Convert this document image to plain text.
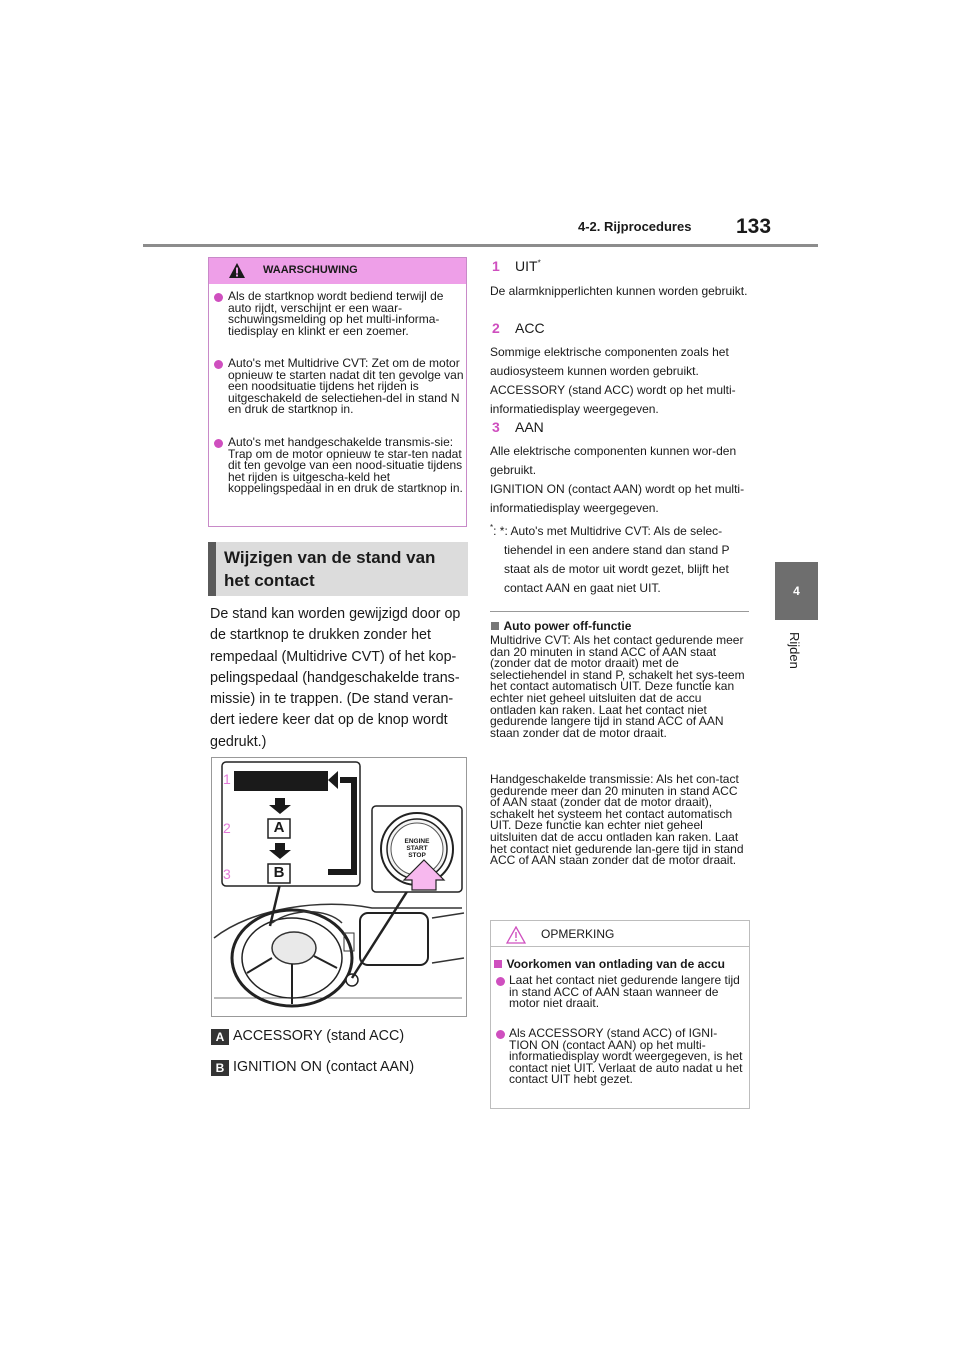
4-2. Rijprocedures 133
4
Rijden
WAARSCHUWING
Als de startknop wordt bediend terwijl de auto rijdt, verschijnt er een waar-schuwingsmelding op het multi-informa-tiedisplay en klinkt er een zoemer.
Auto's met Multidrive CVT: Zet om de motor opnieuw te starten nadat dit ten gevolge van een noodsituatie tijdens het rijden is uitgeschakeld de selectiehen-del in stand N en druk de startknop in.
Auto's met handgeschakelde transmis-sie: Trap om de motor opnieuw te star-ten nadat dit ten gevolge van een nood-situatie tijdens het rijden is uitgescha-keld het koppelingspedaal in en druk de startknop in.
Wijzigen van de stand van
het contact
De stand kan worden gewijzigd door op de startknop te drukken zonder het rempedaal (Multidrive CVT) of het kop-pelingspedaal (handgeschakelde trans-missie) in te trappen. (De stand veran-dert iedere keer dat op de knop wordt gedrukt.)
1
2
3
A
B
ENGINE
START
STOP
A ACCESSORY (stand ACC)
B IGNITION ON (contact AAN)
1 UIT*
De alarmknipperlichten kunnen worden gebruikt.
2 ACC
Sommige elektrische componenten zoals het audiosysteem kunnen worden gebruikt.
ACCESSORY (stand ACC) wordt op het multi-informatiedisplay weergegeven.
3 AAN
Alle elektrische componenten kunnen wor-den gebruikt.
IGNITION ON (contact AAN) wordt op het multi-informatiedisplay weergegeven.
*: *: Auto's met Multidrive CVT: Als de selec-tiehendel in een andere stand dan stand P staat als de motor uit wordt gezet, blijft het contact AAN en gaat niet UIT.
Auto power off-functie
Multidrive CVT: Als het contact gedurende meer dan 20 minuten in stand ACC of AAN staat (zonder dat de motor draait) met de selectiehendel in stand P, schakelt het sys-teem het contact automatisch UIT. Deze functie kan echter niet geheel uitsluiten dat de accu ontladen kan raken. Laat het contact niet gedurende langere tijd in stand ACC of AAN staan zonder dat de motor draait.
Handgeschakelde transmissie: Als het con-tact gedurende meer dan 20 minuten in stand ACC of AAN staat (zonder dat de motor draait), schakelt het systeem het contact automatisch UIT. Deze functie kan echter niet geheel uitsluiten dat de accu ontladen kan raken. Laat het contact niet gedurende lan-gere tijd in stand ACC of AAN staan zonder dat de motor draait.
OPMERKING
Voorkomen van ontlading van de accu
Laat het contact niet gedurende langere tijd in stand ACC of AAN staan wanneer de motor niet draait.
Als ACCESSORY (stand ACC) of IGNI-TION ON (contact AAN) op het multi-informatiedisplay wordt weergegeven, is het contact niet UIT. Verlaat de auto nadat u het contact UIT hebt gezet.
